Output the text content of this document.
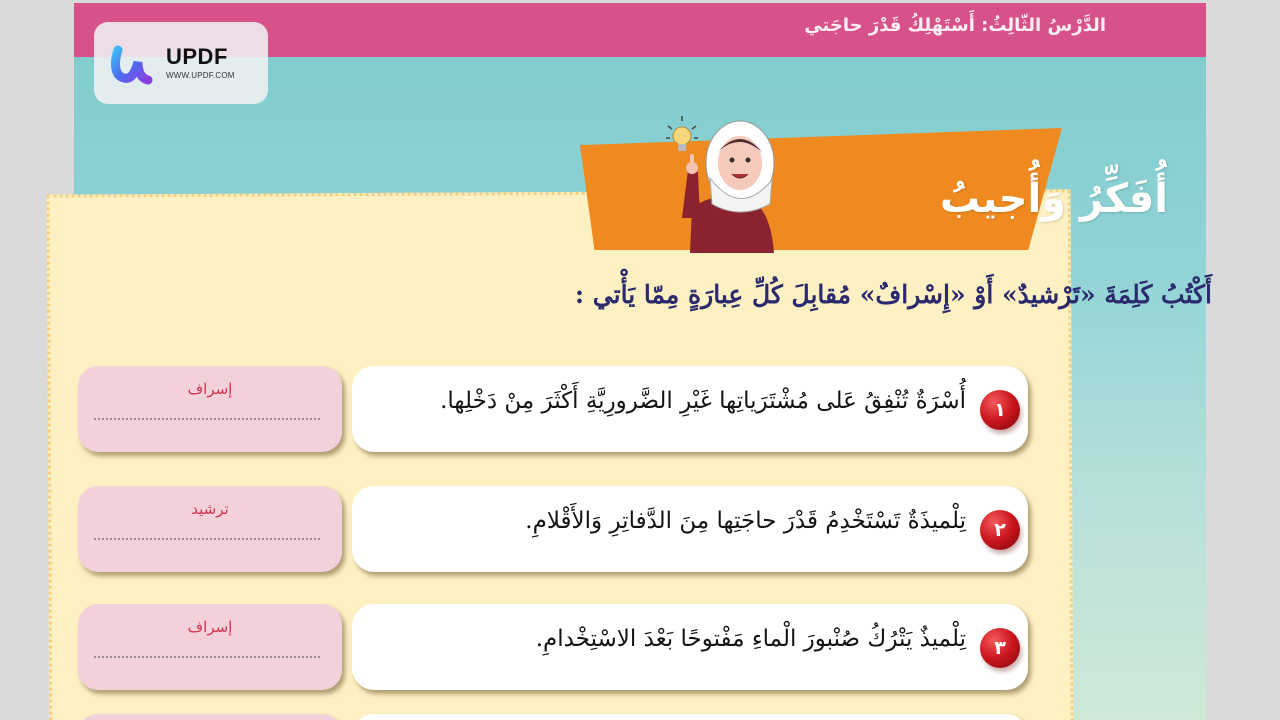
الدَّرْسُ الثّالِثُ: أَسْتَهْلِكُ قَدْرَ حاجَتي
UPDF
WWW.UPDF.COM
أُفَكِّرُ وَأُجيبُ
أَكْتُبُ كَلِمَةَ «تَرْشيدٌ» أَوْ «إِسْرافٌ» مُقابِلَ كُلِّ عِبارَةٍ مِمّا يَأْتي :
إسراف	أُسْرَةٌ تُنْفِقُ عَلى مُشْتَرَياتِها غَيْرِ الضَّرورِيَّةِ أَكْثَرَ مِنْ دَخْلِها.	١
ترشيد	تِلْميذَةٌ تَسْتَخْدِمُ قَدْرَ حاجَتِها مِنَ الدَّفاتِرِ وَالأَقْلامِ.	٢
إسراف	تِلْميذٌ يَتْرُكُ صُنْبورَ الْماءِ مَفْتوحًا بَعْدَ الاسْتِخْدامِ.	٣
